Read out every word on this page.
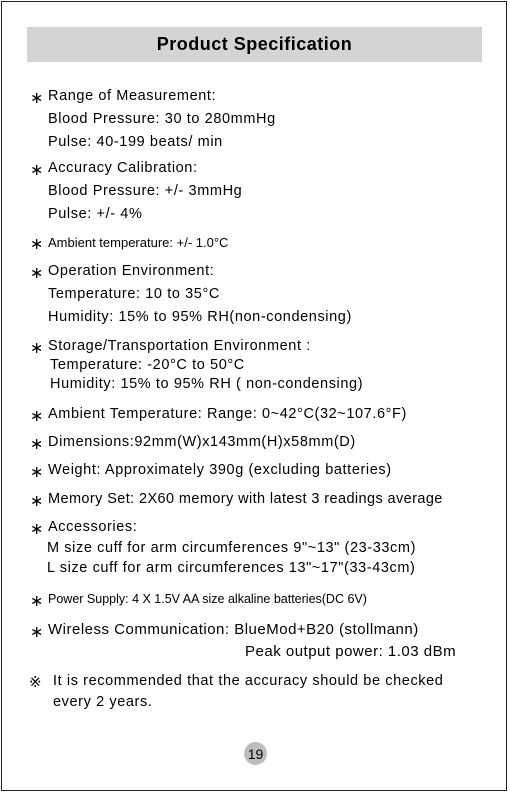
Product Specification
∗ Range of Measurement:
Blood Pressure: 30 to 280mmHg
Pulse: 40-199 beats/ min
∗ Accuracy Calibration:
Blood Pressure: +/- 3mmHg
Pulse: +/- 4%
∗ Ambient temperature: +/- 1.0°C
∗ Operation Environment:
Temperature: 10 to 35°C
Humidity: 15% to 95% RH(non-condensing)
∗ Storage/Transportation Environment :
Temperature: -20°C to 50°C
Humidity: 15% to 95% RH ( non-condensing)
∗ Ambient Temperature: Range: 0~42°C(32~107.6°F)
∗ Dimensions:92mm(W)x143mm(H)x58mm(D)
∗ Weight: Approximately 390g (excluding batteries)
∗ Memory Set: 2X60 memory with latest 3 readings average
∗ Accessories:
M size cuff for arm circumferences 9"~13" (23-33cm)
L size cuff for arm circumferences 13"~17"(33-43cm)
∗ Power Supply: 4 X 1.5V AA size alkaline batteries(DC 6V)
∗ Wireless Communication: BlueMod+B20 (stollmann)
Peak output power: 1.03 dBm
※ It is recommended that the accuracy should be checked
every 2 years.
19
